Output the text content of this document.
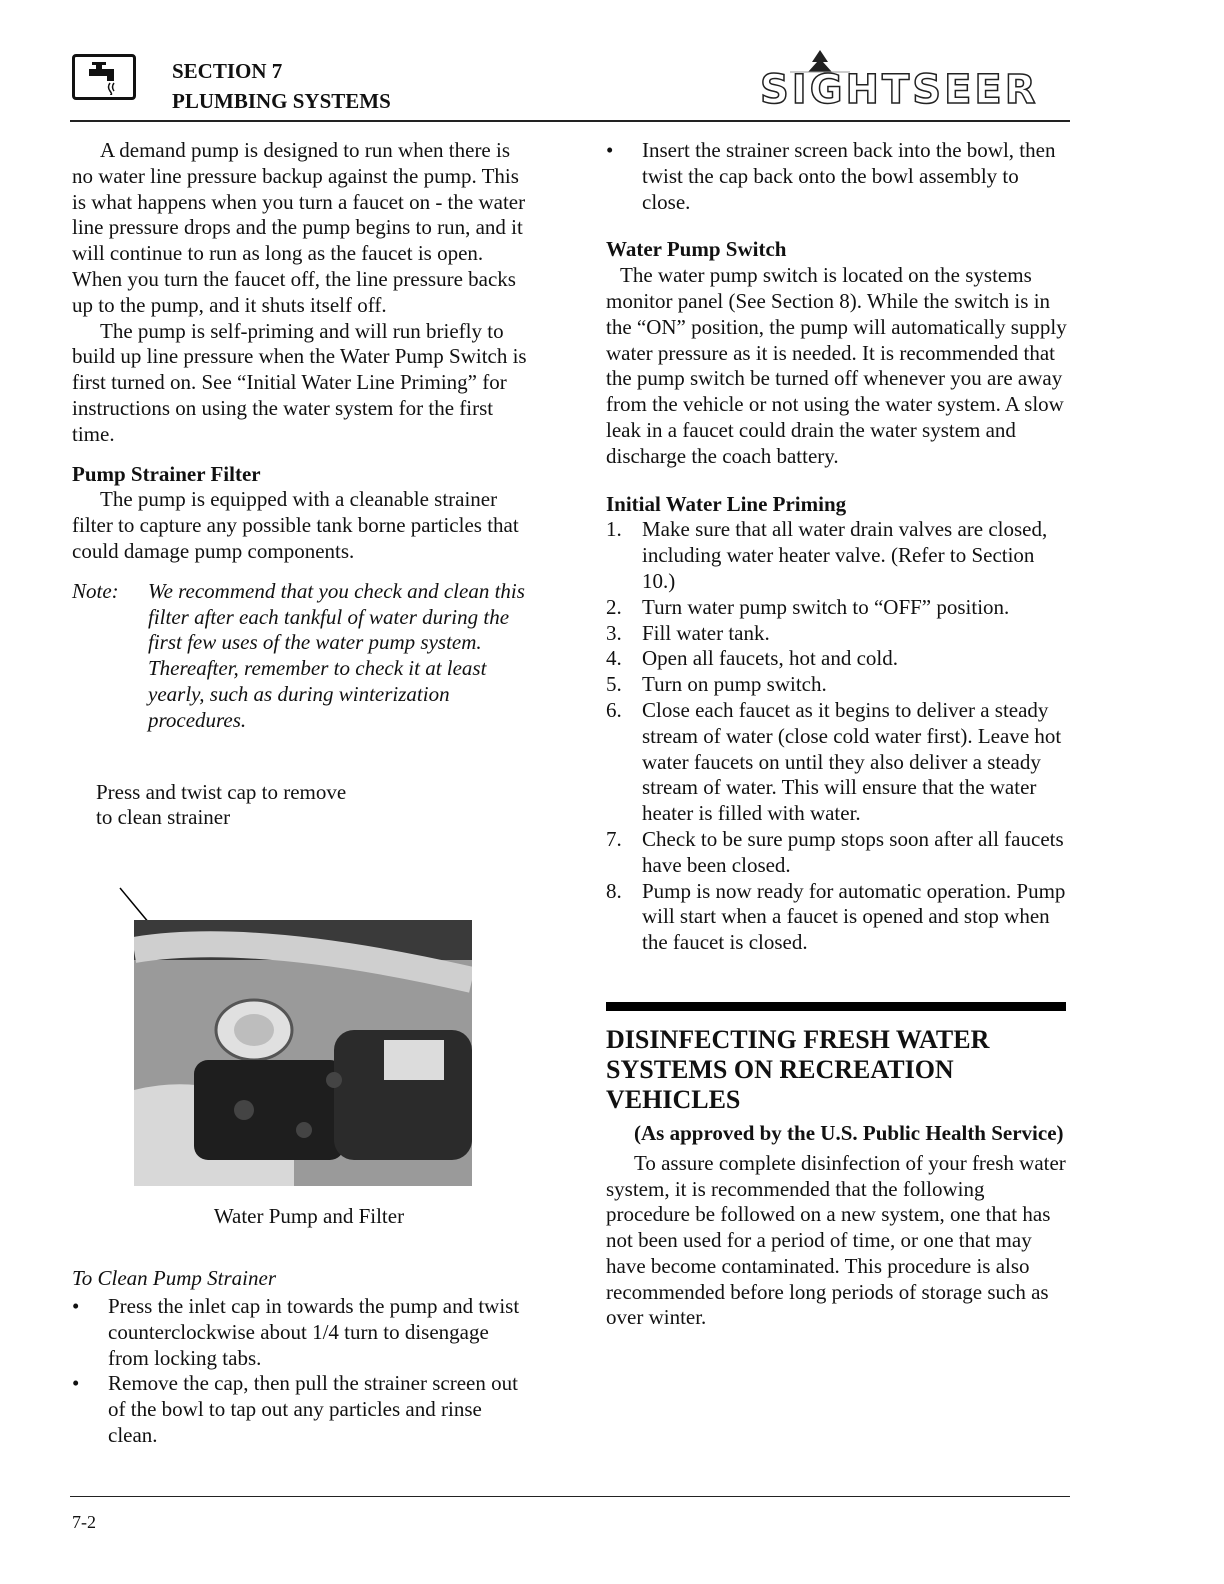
SECTION 7
PLUMBING SYSTEMS	SIGHTSEER

A demand pump is designed to run when there is no water line pressure backup against the pump. This is what happens when you turn a faucet on - the water line pressure drops and the pump begins to run, and it will continue to run as long as the faucet is open. When you turn the faucet off, the line pressure backs up to the pump, and it shuts itself off.

The pump is self-priming and will run briefly to build up line pressure when the Water Pump Switch is first turned on. See “Initial Water Line Priming” for instructions on using the water system for the first time.

Pump Strainer Filter

The pump is equipped with a cleanable strainer filter to capture any possible tank borne particles that could damage pump components.

Note:	We recommend that you check and clean this filter after each tankful of water during the first few uses of the water pump system. Thereafter, remember to check it at least yearly, such as during winterization procedures.

Press and twist cap to remove to clean strainer

Water Pump and Filter
To Clean Pump Strainer
• Press the inlet cap in towards the pump and twist counterclockwise about 1/4 turn to disengage from locking tabs.
• Remove the cap, then pull the strainer screen out of the bowl to tap out any particles and rinse clean.
• Insert the strainer screen back into the bowl, then twist the cap back onto the bowl assembly to close.

Water Pump Switch

The water pump switch is located on the systems monitor panel (See Section 8). While the switch is in the “ON” position, the pump will automatically supply water pressure as it is needed. It is recommended that the pump switch be turned off whenever you are away from the vehicle or not using the water system. A slow leak in a faucet could drain the water system and discharge the coach battery.

Initial Water Line Priming

1. Make sure that all water drain valves are closed, including water heater valve. (Refer to Section 10.)
2. Turn water pump switch to “OFF” position.
3. Fill water tank.
4. Open all faucets, hot and cold.
5. Turn on pump switch.
6. Close each faucet as it begins to deliver a steady stream of water (close cold water first). Leave hot water faucets on until they also deliver a steady stream of water. This will ensure that the water heater is filled with water.
7. Check to be sure pump stops soon after all faucets have been closed.
8. Pump is now ready for automatic operation. Pump will start when a faucet is opened and stop when the faucet is closed.
DISINFECTING FRESH WATER SYSTEMS ON RECREATION VEHICLES

(As approved by the U.S. Public Health Service)

To assure complete disinfection of your fresh water system, it is recommended that the following procedure be followed on a new system, one that has not been used for a period of time, or one that may have become contaminated. This procedure is also recommended before long periods of storage such as over winter.

7-2
